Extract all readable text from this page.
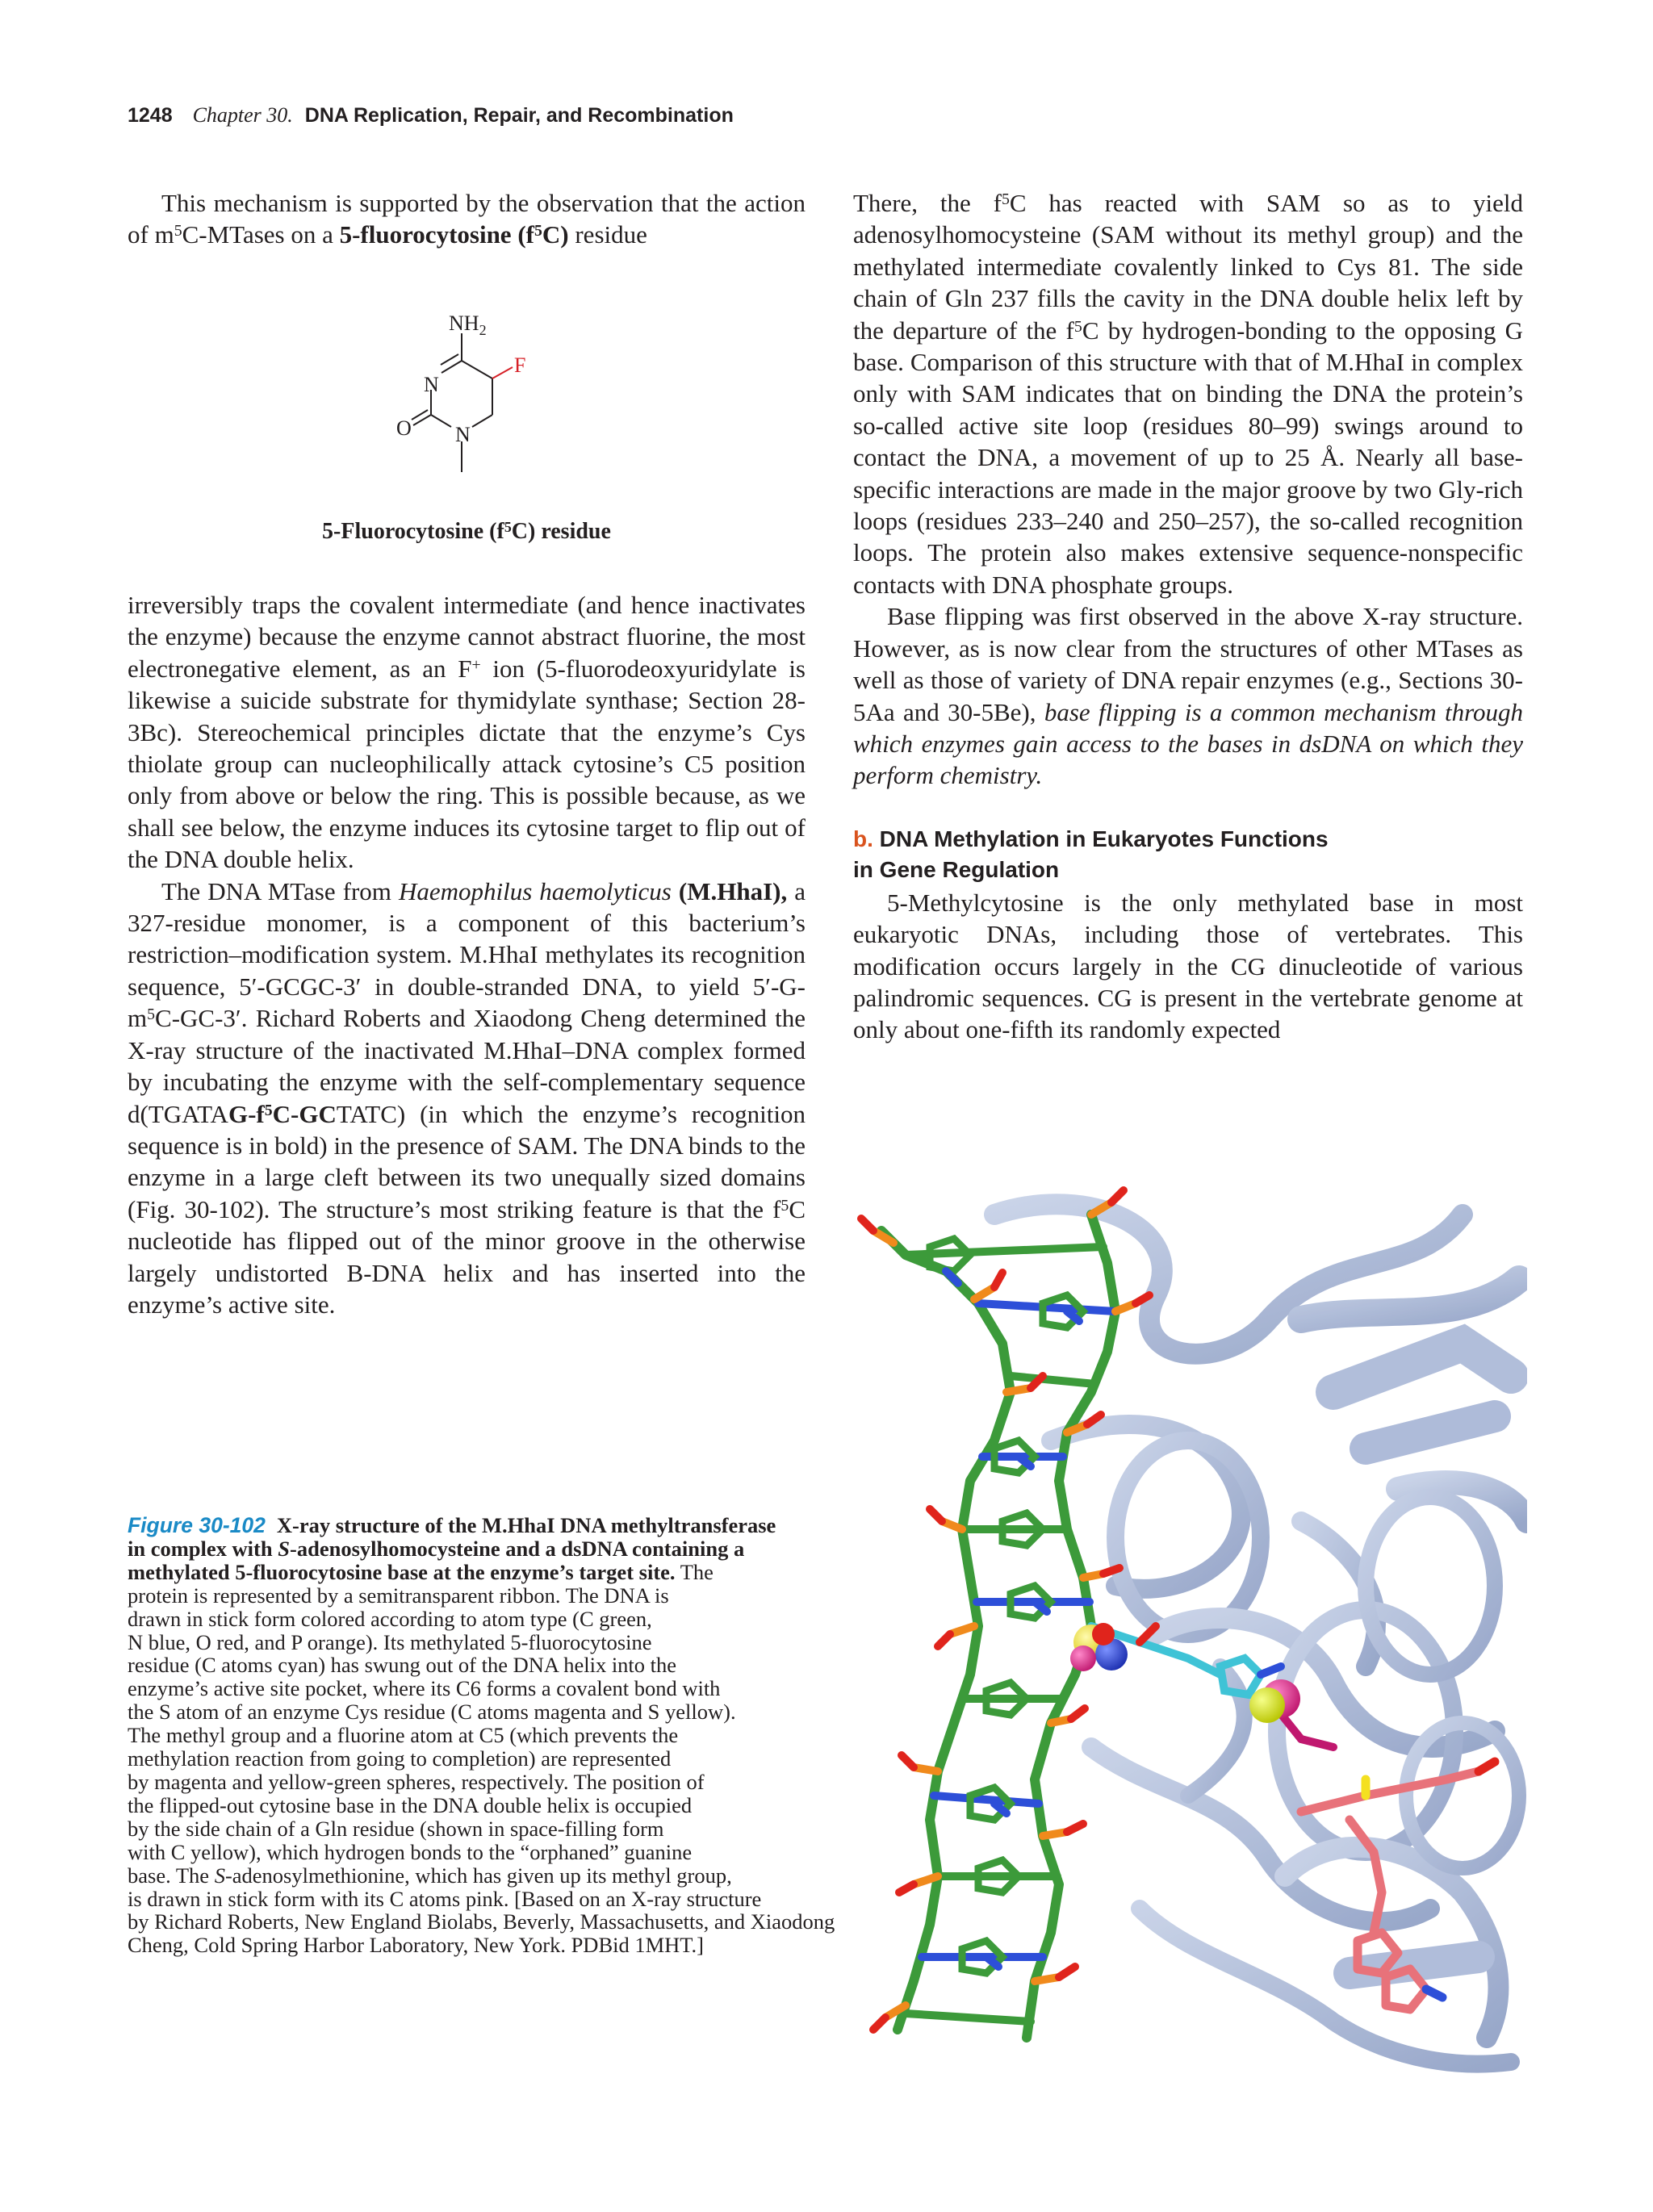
1248 Chapter 30. DNA Replication, Repair, and Recombination

This mechanism is supported by the observation that the action of $m^5C$-MTases on a 5-fluorocytosine $(f^5C)$ residue

$NH_2$
N
O N
F
5-Fluorocytosine $(f^5C)$ residue

irreversibly traps the covalent intermediate (and hence inactivates the enzyme) because the enzyme cannot abstract fluorine, the most electronegative element, as an F+ ion (5-fluorodeoxyuridylate is likewise a suicide substrate for thymidylate synthase; Section 28-3Bc). Stereochemical principles dictate that the enzyme’s Cys thiolate group can nucleophilically attack cytosine’s C5 position only from above or below the ring. This is possible because, as we shall see below, the enzyme induces its cytosine target to flip out of the DNA double helix.

The DNA MTase from Haemophilus haemolyticus (M.HhaI), a 327-residue monomer, is a component of this bacterium’s restriction–modification system. M.HhaI methylates its recognition sequence, 5′-GCGC-3′ in double-stranded DNA, to yield $5'-G-m^5C-GC-3'$. Richard Roberts and Xiaodong Cheng determined the X-ray structure of the inactivated M.HhaI–DNA complex formed by incubating the enzyme with the self-complementary sequence $d(TGATAG-f^5C-GCTATC)$ (in which the enzyme’s recognition sequence is in bold) in the presence of SAM. The DNA binds to the enzyme in a large cleft between its two unequally sized domains (Fig. 30-102). The structure’s most striking feature is that the $f^5C$ nucleotide has flipped out of the minor groove in the otherwise largely undistorted B-DNA helix and has inserted into the enzyme’s active site.

There, the $f^5C$ has reacted with SAM so as to yield adenosylhomocysteine (SAM without its methyl group) and the methylated intermediate covalently linked to Cys 81. The side chain of Gln 237 fills the cavity in the DNA double helix left by the departure of the $f^5C$ by hydrogen-bonding to the opposing G base. Comparison of this structure with that of M.HhaI in complex only with SAM indicates that on binding the DNA the protein’s so-called active site loop (residues 80–99) swings around to contact the DNA, a movement of up to 25 Å. Nearly all base-specific interactions are made in the major groove by two Gly-rich loops (residues 233–240 and 250–257), the so-called recognition loops. The protein also makes extensive sequence-nonspecific contacts with DNA phosphate groups.

Base flipping was first observed in the above X-ray structure. However, as is now clear from the structures of other MTases as well as those of variety of DNA repair enzymes (e.g., Sections 30-5Aa and 30-5Be), base flipping is a common mechanism through which enzymes gain access to the bases in dsDNA on which they perform chemistry.

b. DNA Methylation in Eukaryotes Functions
in Gene Regulation

5-Methylcytosine is the only methylated base in most eukaryotic DNAs, including those of vertebrates. This modification occurs largely in the CG dinucleotide of various palindromic sequences. CG is present in the vertebrate genome at only about one-fifth its randomly expected

Figure 30-102 X-ray structure of the M.HhaI DNA methyltransferase
in complex with S-adenosylhomocysteine and a dsDNA containing a
methylated 5-fluorocytosine base at the enzyme’s target site. The
protein is represented by a semitransparent ribbon. The DNA is
drawn in stick form colored according to atom type (C green,
N blue, O red, and P orange). Its methylated 5-fluorocytosine
residue (C atoms cyan) has swung out of the DNA helix into the
enzyme’s active site pocket, where its C6 forms a covalent bond with
the S atom of an enzyme Cys residue (C atoms magenta and S yellow).
The methyl group and a fluorine atom at C5 (which prevents the
methylation reaction from going to completion) are represented
by magenta and yellow-green spheres, respectively. The position of
the flipped-out cytosine base in the DNA double helix is occupied
by the side chain of a Gln residue (shown in space-filling form
with C yellow), which hydrogen bonds to the “orphaned” guanine
base. The S-adenosylmethionine, which has given up its methyl group,
is drawn in stick form with its C atoms pink. [Based on an X-ray structure
by Richard Roberts, New England Biolabs, Beverly, Massachusetts, and Xiaodong
Cheng, Cold Spring Harbor Laboratory, New York. PDBid 1MHT.]
